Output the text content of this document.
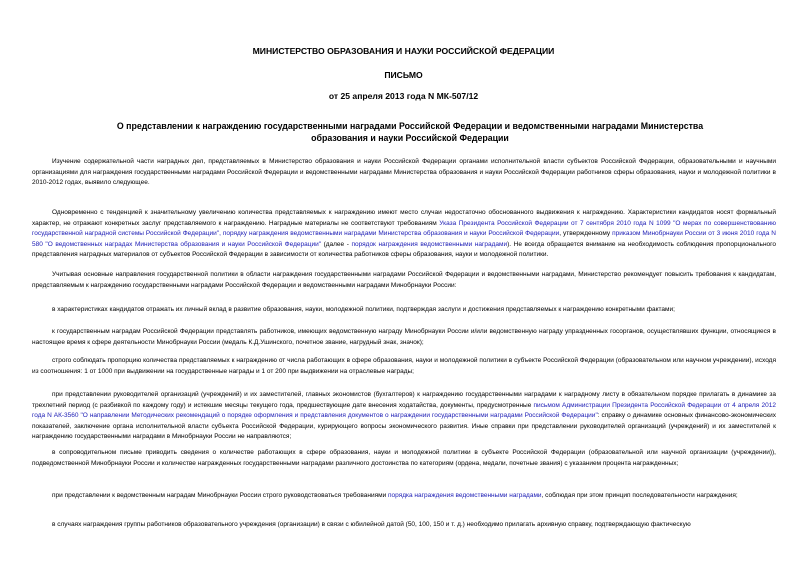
МИНИСТЕРСТВО ОБРАЗОВАНИЯ И НАУКИ РОССИЙСКОЙ ФЕДЕРАЦИИ
ПИСЬМО
от 25 апреля 2013 года N МК-507/12
О представлении к награждению государственными наградами Российской Федерации и ведомственными наградами Министерства образования и науки Российской Федерации

Изучение содержательной части наградных дел, представляемых в Министерство образования и науки Российской Федерации органами исполнительной власти субъектов Российской Федерации, образовательными и научными организациями для награждения государственными наградами Российской Федерации и ведомственными наградами Министерства образования и науки Российской Федерации работников сферы образования, науки и молодежной политики в 2010-2012 годах, выявило следующее.

Одновременно с тенденцией к значительному увеличению количества представляемых к награждению имеют место случаи недостаточно обоснованного выдвижения к награждению. Характеристики кандидатов носят формальный характер, не отражают конкретных заслуг представляемого к награждению. Наградные материалы не соответствуют требованиям Указа Президента Российской Федерации от 7 сентября 2010 года N 1099 "О мерах по совершенствованию государственной наградной системы Российской Федерации", порядку награждения ведомственными наградами Министерства образования и науки Российской Федерации, утвержденному приказом Минобрнауки России от 3 июня 2010 года N 580 "О ведомственных наградах Министерства образования и науки Российской Федерации" (далее - порядок награждения ведомственными наградами). Не всегда обращается внимание на необходимость соблюдения пропорционального представления наградных материалов от субъектов Российской Федерации в зависимости от количества работников сферы образования, науки и молодежной политики.

Учитывая основные направления государственной политики в области награждения государственными наградами Российской Федерации и ведомственными наградами, Министерство рекомендует повысить требования к кандидатам, представляемым к награждению государственными наградами Российской Федерации и ведомственными наградами Минобрнауки России:

в характеристиках кандидатов отражать их личный вклад в развитие образования, науки, молодежной политики, подтверждая заслуги и достижения представляемых к награждению конкретными фактами;

к государственным наградам Российской Федерации представлять работников, имеющих ведомственную награду Минобрнауки России и/или ведомственную награду упраздненных госорганов, осуществлявших функции, относящиеся в настоящее время к сфере деятельности Минобрнауки России (медаль К.Д.Ушинского, почетное звание, нагрудный знак, значок);

строго соблюдать пропорцию количества представляемых к награждению от числа работающих в сфере образования, науки и молодежной политики в субъекте Российской Федерации (образовательном или научном учреждении), исходя из соотношения: 1 от 1000 при выдвижении на государственные награды и 1 от 200 при выдвижении на отраслевые награды;

при представлении руководителей организаций (учреждений) и их заместителей, главных экономистов (бухгалтеров) к награждению государственными наградами к наградному листу в обязательном порядке прилагать в динамике за трехлетний период (с разбивкой по каждому году) и истекшие месяцы текущего года, предшествующие дате внесения ходатайства, документы, предусмотренные письмом Администрации Президента Российской Федерации от 4 апреля 2012 года N АК-3560 "О направлении Методических рекомендаций о порядке оформления и представления документов о награждении государственными наградами Российской Федерации": справку о динамике основных финансово-экономических показателей, заключение органа исполнительной власти субъекта Российской Федерации, курирующего вопросы экономического развития. Иные справки при представлении руководителей организаций (учреждений) и их заместителей к награждению государственными наградами в Минобрнауки России не направляются;

в сопроводительном письме приводить сведения о количестве работающих в сфере образования, науки и молодежной политики в субъекте Российской Федерации (образовательной или научной организации (учреждении)), подведомственной Минобрнауки России и количестве награжденных государственными наградами различного достоинства по категориям (ордена, медали, почетные звания) с указанием процента награжденных;

при представлении к ведомственным наградам Минобрнауки России строго руководствоваться требованиями порядка награждения ведомственными наградами, соблюдая при этом принцип последовательности награждения;

в случаях награждения группы работников образовательного учреждения (организации) в связи с юбилейной датой (50, 100, 150 и т. д.) необходимо прилагать архивную справку, подтверждающую фактическую
